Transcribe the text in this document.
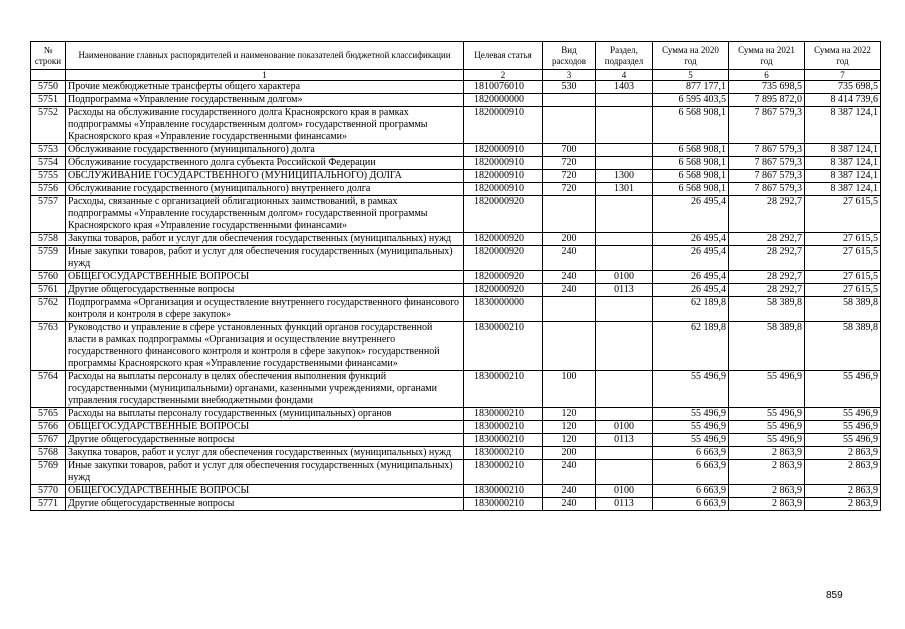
№ строки	Наименование главных распорядителей и наименование показателей бюджетной классификации	Целевая статья	Вид расходов	Раздел, подраздел	Сумма на 2020 год	Сумма на 2021 год	Сумма на 2022 год
	1	2	3	4	5	6	7
5750	Прочие межбюджетные трансферты общего характера	1810076010	530	1403	877 177,1	735 698,5	735 698,5
5751	Подпрограмма «Управление государственным долгом»	1820000000			6 595 403,5	7 895 872,0	8 414 739,6
5752	Расходы на обслуживание государственного долга Красноярского края в рамках подпрограммы «Управление государственным долгом» государственной программы Красноярского края «Управление государственными финансами»	1820000910			6 568 908,1	7 867 579,3	8 387 124,1
5753	Обслуживание государственного (муниципального) долга	1820000910	700		6 568 908,1	7 867 579,3	8 387 124,1
5754	Обслуживание государственного долга субъекта Российской Федерации	1820000910	720		6 568 908,1	7 867 579,3	8 387 124,1
5755	ОБСЛУЖИВАНИЕ ГОСУДАРСТВЕННОГО (МУНИЦИПАЛЬНОГО) ДОЛГА	1820000910	720	1300	6 568 908,1	7 867 579,3	8 387 124,1
5756	Обслуживание государственного (муниципального) внутреннего долга	1820000910	720	1301	6 568 908,1	7 867 579,3	8 387 124,1
5757	Расходы, связанные с организацией облигационных заимствований, в рамках подпрограммы «Управление государственным долгом» государственной программы Красноярского края «Управление государственными финансами»	1820000920			26 495,4	28 292,7	27 615,5
5758	Закупка товаров, работ и услуг для обеспечения государственных (муниципальных) нужд	1820000920	200		26 495,4	28 292,7	27 615,5
5759	Иные закупки товаров, работ и услуг для обеспечения государственных (муниципальных) нужд	1820000920	240		26 495,4	28 292,7	27 615,5
5760	ОБЩЕГОСУДАРСТВЕННЫЕ ВОПРОСЫ	1820000920	240	0100	26 495,4	28 292,7	27 615,5
5761	Другие общегосударственные вопросы	1820000920	240	0113	26 495,4	28 292,7	27 615,5
5762	Подпрограмма «Организация и осуществление внутреннего государственного финансового контроля и контроля в сфере закупок»	1830000000			62 189,8	58 389,8	58 389,8
5763	Руководство и управление в сфере установленных функций органов государственной власти в рамках подпрограммы «Организация и осуществление внутреннего государственного финансового контроля и контроля в сфере закупок» государственной программы Красноярского края «Управление государственными финансами»	1830000210			62 189,8	58 389,8	58 389,8
5764	Расходы на выплаты персоналу в целях обеспечения выполнения функций государственными (муниципальными) органами, казенными учреждениями, органами управления государственными внебюджетными фондами	1830000210	100		55 496,9	55 496,9	55 496,9
5765	Расходы на выплаты персоналу государственных (муниципальных) органов	1830000210	120		55 496,9	55 496,9	55 496,9
5766	ОБЩЕГОСУДАРСТВЕННЫЕ ВОПРОСЫ	1830000210	120	0100	55 496,9	55 496,9	55 496,9
5767	Другие общегосударственные вопросы	1830000210	120	0113	55 496,9	55 496,9	55 496,9
5768	Закупка товаров, работ и услуг для обеспечения государственных (муниципальных) нужд	1830000210	200		6 663,9	2 863,9	2 863,9
5769	Иные закупки товаров, работ и услуг для обеспечения государственных (муниципальных) нужд	1830000210	240		6 663,9	2 863,9	2 863,9
5770	ОБЩЕГОСУДАРСТВЕННЫЕ ВОПРОСЫ	1830000210	240	0100	6 663,9	2 863,9	2 863,9
5771	Другие общегосударственные вопросы	1830000210	240	0113	6 663,9	2 863,9	2 863,9
859
